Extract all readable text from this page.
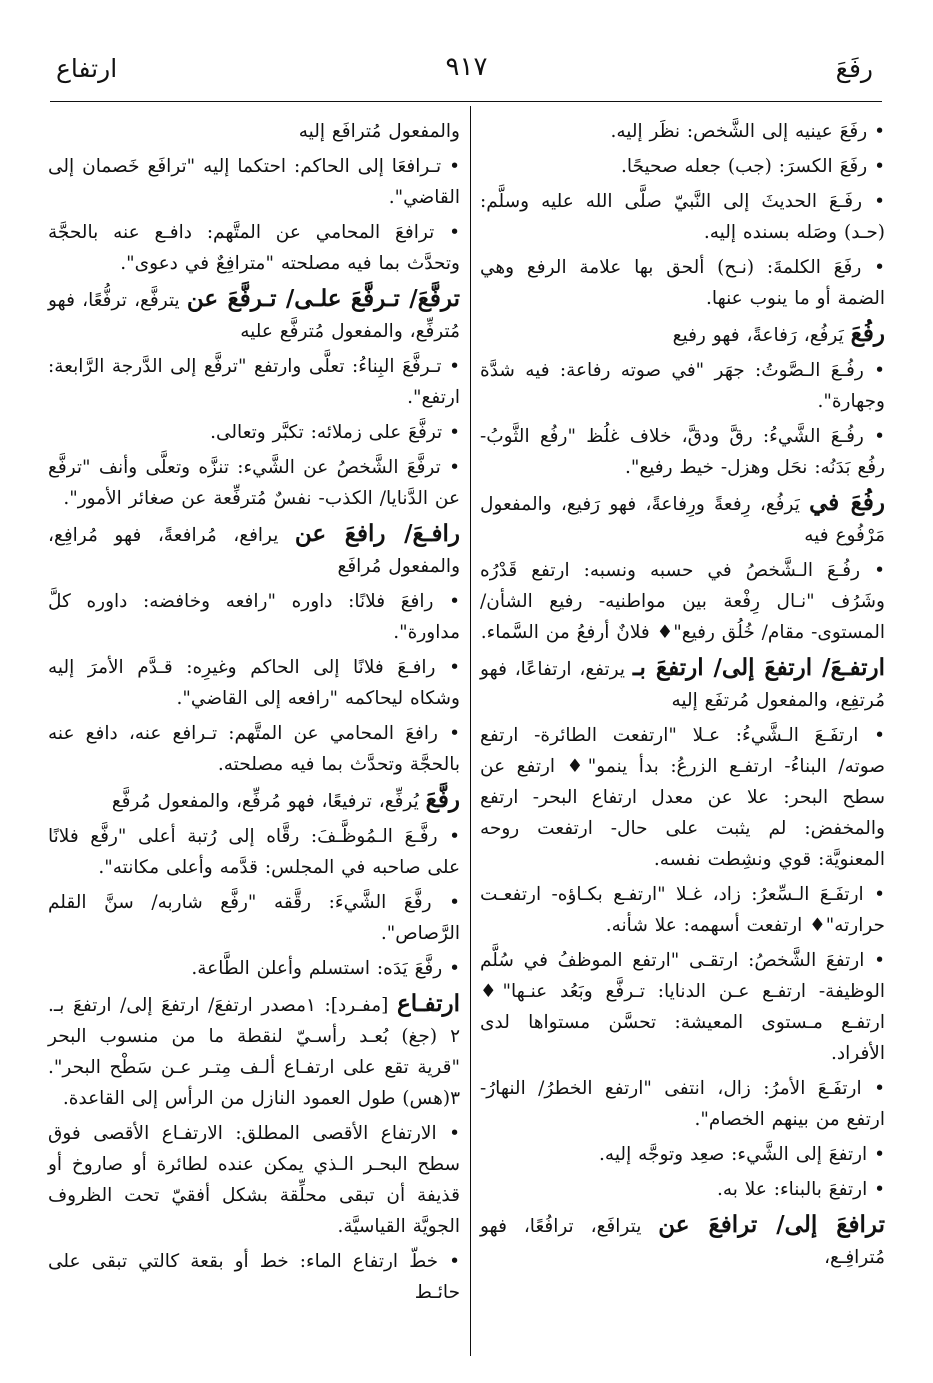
رفَعَ
٩١٧
ارتفاع

• رفَعَ عينيه إلى الشَّخص: نظَر إليه.

• رفَعَ الكسرَ: (جب) جعله صحيحًا.

• رفَـعَ الحديثَ إلى النَّبيّ صلَّى الله عليه وسلَّم: (حـد) وصَله بسنده إليه.

• رفَعَ الكلمةَ: (نـح) ألحق بها علامة الرفع وهي الضمة أو ما ينوب عنها.

رفُعَ يَرفُع، رَفاعةً، فهو رفيع

• رفُـعَ الـصَّوتُ: جهَر "في صوته رفاعة: فيه شدَّة وجهارة".

• رفُـعَ الشَّيءُ: رقَّ ودقَّ، خلاف غلُظ "رفُع الثَّوبُ- رفُع بَدَنُه: نحَل وهزل- خيط رفيع".

رفُعَ في يَرفُع، رِفعةً ورِفاعةً، فهو رَفيع، والمفعول مَرْفُوع فيه

• رفُـعَ الـشَّخصُ في حسبه ونسبه: ارتفع قَدْرُه وشَرُف "نـال رِفْعة بين مواطنيه- رفيع الشأن/ المستوى- مقام/ خُلُق رفيع"♦ فلانٌ أرفعُ من السَّماء.

ارتفـعَ/ ارتفعَ إلى/ ارتفعَ بـ يرتفع، ارتفاعًا، فهو مُرتفِع، والمفعول مُرتفَع إليه

• ارتفَـعَ الـشَّيءُ: عـلا "ارتفعت الطائرة- ارتفع صوته/ البناءُ- ارتفـع الزرعُ: بدأ ينمو"♦ ارتفع عن سطح البحر: علا عن معدل ارتفاع البحر- ارتفع والمخفض: لم يثبت على حال- ارتفعت روحه المعنويَّة: قوي ونشِطت نفسه.

• ارتفَـعَ الـسِّعرُ: زاد، غـلا "ارتفـع بكـاؤه- ارتفعـت حرارته"♦ ارتفعت أسهمه: علا شأنه.

• ارتفعَ الشَّخصُ: ارتقـى "ارتفع الموظفُ في سُلَّم الوظيفة- ارتفـع عـن الدنايا: تـرفَّع وبَعُد عنـها"♦ ارتفـع مـستوى المعيشة: تحسَّن مستواها لدى الأفراد.

• ارتفَـعَ الأمرُ: زال، انتفى "ارتفع الخطرُ/ النهارُ- ارتفع من بينهم الخصام".

• ارتفعَ إلى الشَّيء: صعِد وتوجَّه إليه.

• ارتفعَ بالبناء: علا به.

ترافعَ إلى/ ترافعَ عن يترافَع، ترافُعًا، فهو مُترافِـع،

والمفعول مُترافَع إليه

• تـرافعَا إلى الحاكم: احتكما إليه "ترافَع خَصمان إلى القاضي".

• ترافعَ المحامي عن المتَّهم: دافـع عنه بالحجَّة وتحدَّث بما فيه مصلحته "مترافِعٌ في دعوى".

ترفَّعَ/ تـرفَّعَ علـى/ تـرفَّعَ عن يترفَّع، ترفُّعًا، فهو مُترفِّع، والمفعول مُترفَّع عليه

• تـرفَّعَ البِناءُ: تعلَّى وارتفع "ترفَّع إلى الدَّرجة الرَّابعة: ارتفع".

• ترفَّعَ على زملائه: تكبَّر وتعالى.

• ترفَّعَ الشَّخصُ عن الشَّيء: تنزَّه وتعلَّى وأنف "ترفَّع عن الدَّنايا/ الكذب- نفسٌ مُترفِّعة عن صغائر الأمور".

رافـعَ/ رافعَ عن يرافع، مُرافعةً، فهو مُرافِع، والمفعول مُرافَع

• رافعَ فلانًا: داوره "رافعه وخافضه: داوره كلَّ مداورة".

• رافـعَ فلانًا إلى الحاكم وغيرِه: قـدَّم الأمرَ إليه وشكاه ليحاكمه "رافعه إلى القاضي".

• رافعَ المحامي عن المتَّهم: تـرافع عنه، دافع عنه بالحجَّة وتحدَّث بما فيه مصلحته.

رفَّعَ يُرفِّع، ترفيعًا، فهو مُرفِّع، والمفعول مُرفَّع

• رفَّـعَ الـمُوظَّـفَ: رقَّاه إلى رُتبة أعلى "رفَّع فلانًا على صاحبه في المجلس: قدَّمه وأعلى مكانته".

• رفَّعَ الشَّيءَ: رقَّقه "رفَّع شاربه/ سنَّ القلم الرَّصاص".

• رفَّعَ يَدَه: استسلم وأعلن الطَّاعة.

ارتفـاع [مفـرد]: ١مصدر ارتفعَ/ ارتفعَ إلى/ ارتفعَ بـ. ٢ (جغ) بُعـد رأسـيّ لنقطة ما من منسوب البحر "قرية تقع على ارتفـاع ألـف مِتـر عـن سَطْح البحر". ٣(هس) طول العمود النازل من الرأس إلى القاعدة.

• الارتفاع الأقصى المطلق: الارتفـاع الأقصى فوق سطح البحـر الـذي يمكن عنده لطائرة أو صاروخ أو قذيفة أن تبقى محلِّقة بشكل أفقيّ تحت الظروف الجويَّة القياسيَّة.

• خطّ ارتفاع الماء: خط أو بقعة كالتي تبقى على حائـط
